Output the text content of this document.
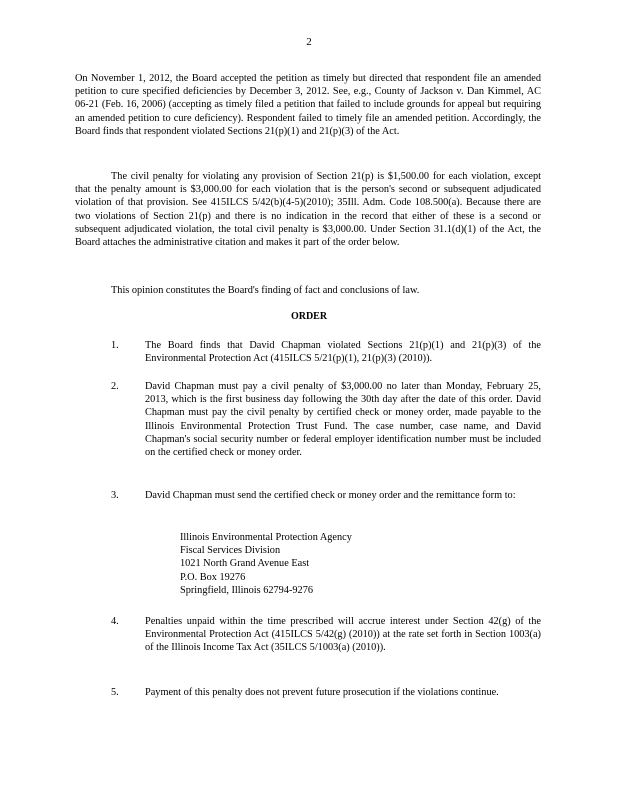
2

On November 1, 2012, the Board accepted the petition as timely but directed that respondent file an amended petition to cure specified deficiencies by December 3, 2012. See, e.g., County of Jackson v. Dan Kimmel, AC 06-21 (Feb. 16, 2006) (accepting as timely filed a petition that failed to include grounds for appeal but requiring an amended petition to cure deficiency). Respondent failed to timely file an amended petition. Accordingly, the Board finds that respondent violated Sections 21(p)(1) and 21(p)(3) of the Act.

The civil penalty for violating any provision of Section 21(p) is $1,500.00 for each violation, except that the penalty amount is $3,000.00 for each violation that is the person's second or subsequent adjudicated violation of that provision. See 415ILCS 5/42(b)(4-5)(2010); 35Ill. Adm. Code 108.500(a). Because there are two violations of Section 21(p) and there is no indication in the record that either of these is a second or subsequent adjudicated violation, the total civil penalty is $3,000.00. Under Section 31.1(d)(1) of the Act, the Board attaches the administrative citation and makes it part of the order below.

This opinion constitutes the Board's finding of fact and conclusions of law.

ORDER
1.	The Board finds that David Chapman violated Sections 21(p)(1) and 21(p)(3) of the Environmental Protection Act (415ILCS 5/21(p)(1), 21(p)(3) (2010)).

2.	David Chapman must pay a civil penalty of $3,000.00 no later than Monday, February 25, 2013, which is the first business day following the 30th day after the date of this order. David Chapman must pay the civil penalty by certified check or money order, made payable to the Illinois Environmental Protection Trust Fund. The case number, case name, and David Chapman's social security number or federal employer identification number must be included on the certified check or money order.

3.	David Chapman must send the certified check or money order and the remittance form to:

Illinois Environmental Protection Agency
Fiscal Services Division
1021 North Grand Avenue East
P.O. Box 19276
Springfield, Illinois 62794-9276
4.	Penalties unpaid within the time prescribed will accrue interest under Section 42(g) of the Environmental Protection Act (415ILCS 5/42(g) (2010)) at the rate set forth in Section 1003(a) of the Illinois Income Tax Act (35ILCS 5/1003(a) (2010)).

5.	Payment of this penalty does not prevent future prosecution if the violations continue.
